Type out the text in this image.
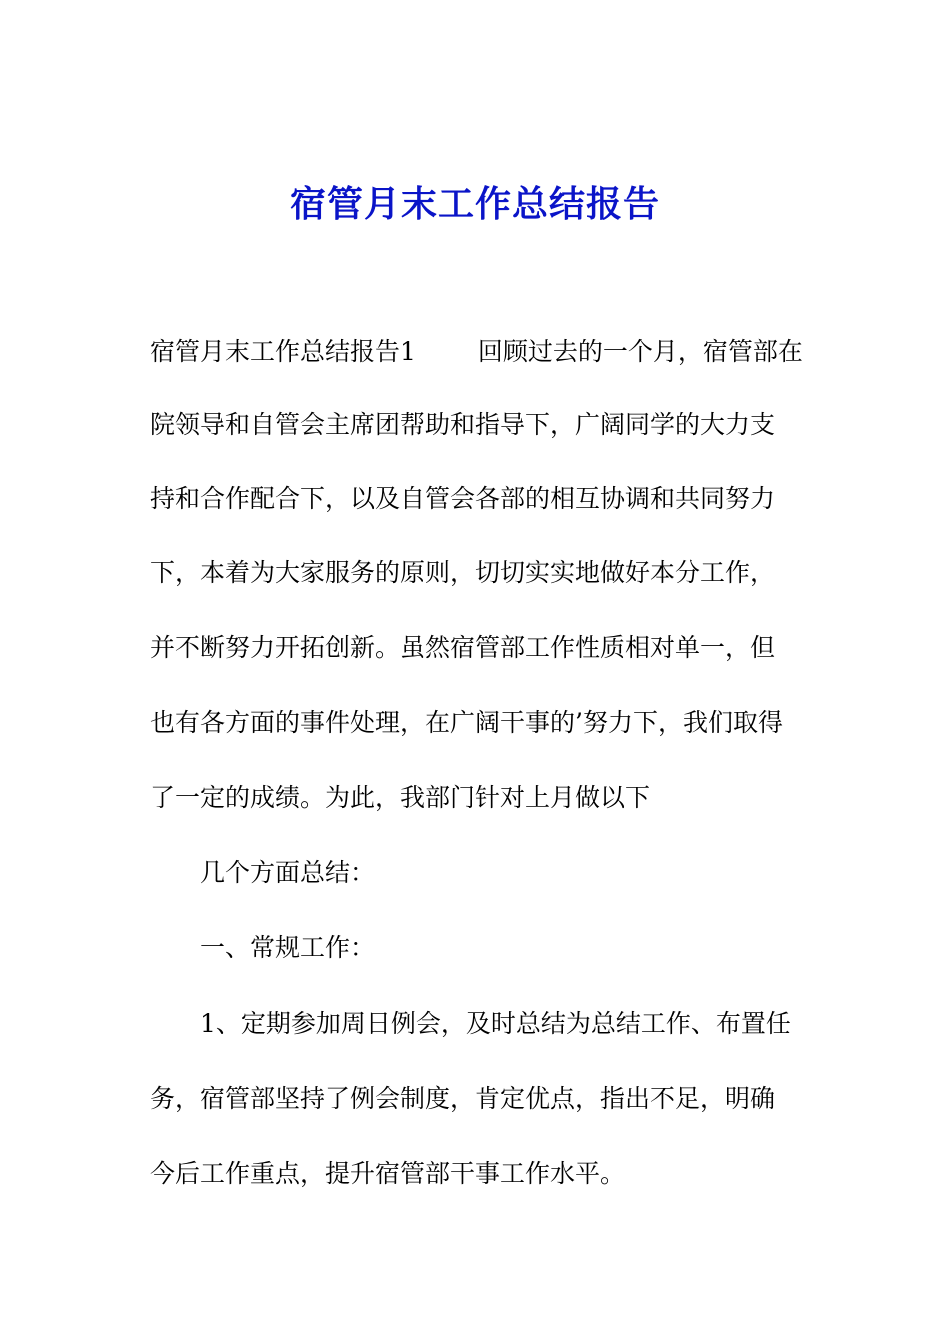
宿管月末工作总结报告
宿管月末工作总结报告1 回顾过去的一个月，宿管部在
院领导和自管会主席团帮助和指导下，广阔同学的大力支
持和合作配合下，以及自管会各部的相互协调和共同努力
下，本着为大家服务的原则，切切实实地做好本分工作，
并不断努力开拓创新。虽然宿管部工作性质相对单一，但
也有各方面的事件处理，在广阔干事的’努力下，我们取得
了一定的成绩。为此，我部门针对上月做以下
几个方面总结：
一、常规工作：
1、定期参加周日例会，及时总结为总结工作、布置任
务，宿管部坚持了例会制度，肯定优点，指出不足，明确
今后工作重点，提升宿管部干事工作水平。
